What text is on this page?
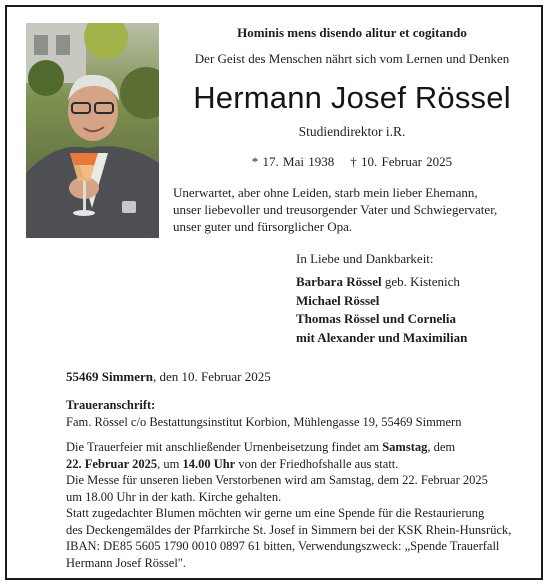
Hominis mens disendo alitur et cogitando
Der Geist des Menschen nährt sich vom Lernen und Denken
Hermann Josef Rössel
Studiendirektor i.R.
* 17. Mai 1938 † 10. Februar 2025
Unerwartet, aber ohne Leiden, starb mein lieber Ehemann,
unser liebevoller und treusorgender Vater und Schwiegervater,
unser guter und fürsorglicher Opa.
In Liebe und Dankbarkeit:
Barbara Rössel geb. Kistenich
Michael Rössel
Thomas Rössel und Cornelia
mit Alexander und Maximilian
55469 Simmern, den 10. Februar 2025
Traueranschrift:
Fam. Rössel c/o Bestattungsinstitut Korbion, Mühlengasse 19, 55469 Simmern
Die Trauerfeier mit anschließender Urnenbeisetzung findet am Samstag, dem
22. Februar 2025, um 14.00 Uhr von der Friedhofshalle aus statt.
Die Messe für unseren lieben Verstorbenen wird am Samstag, dem 22. Februar 2025
um 18.00 Uhr in der kath. Kirche gehalten.
Statt zugedachter Blumen möchten wir gerne um eine Spende für die Restaurierung
des Deckengemäldes der Pfarrkirche St. Josef in Simmern bei der KSK Rhein-Hunsrück,
IBAN: DE85 5605 1790 0010 0897 61 bitten, Verwendungszweck: „Spende Trauerfall
Hermann Josef Rössel".
